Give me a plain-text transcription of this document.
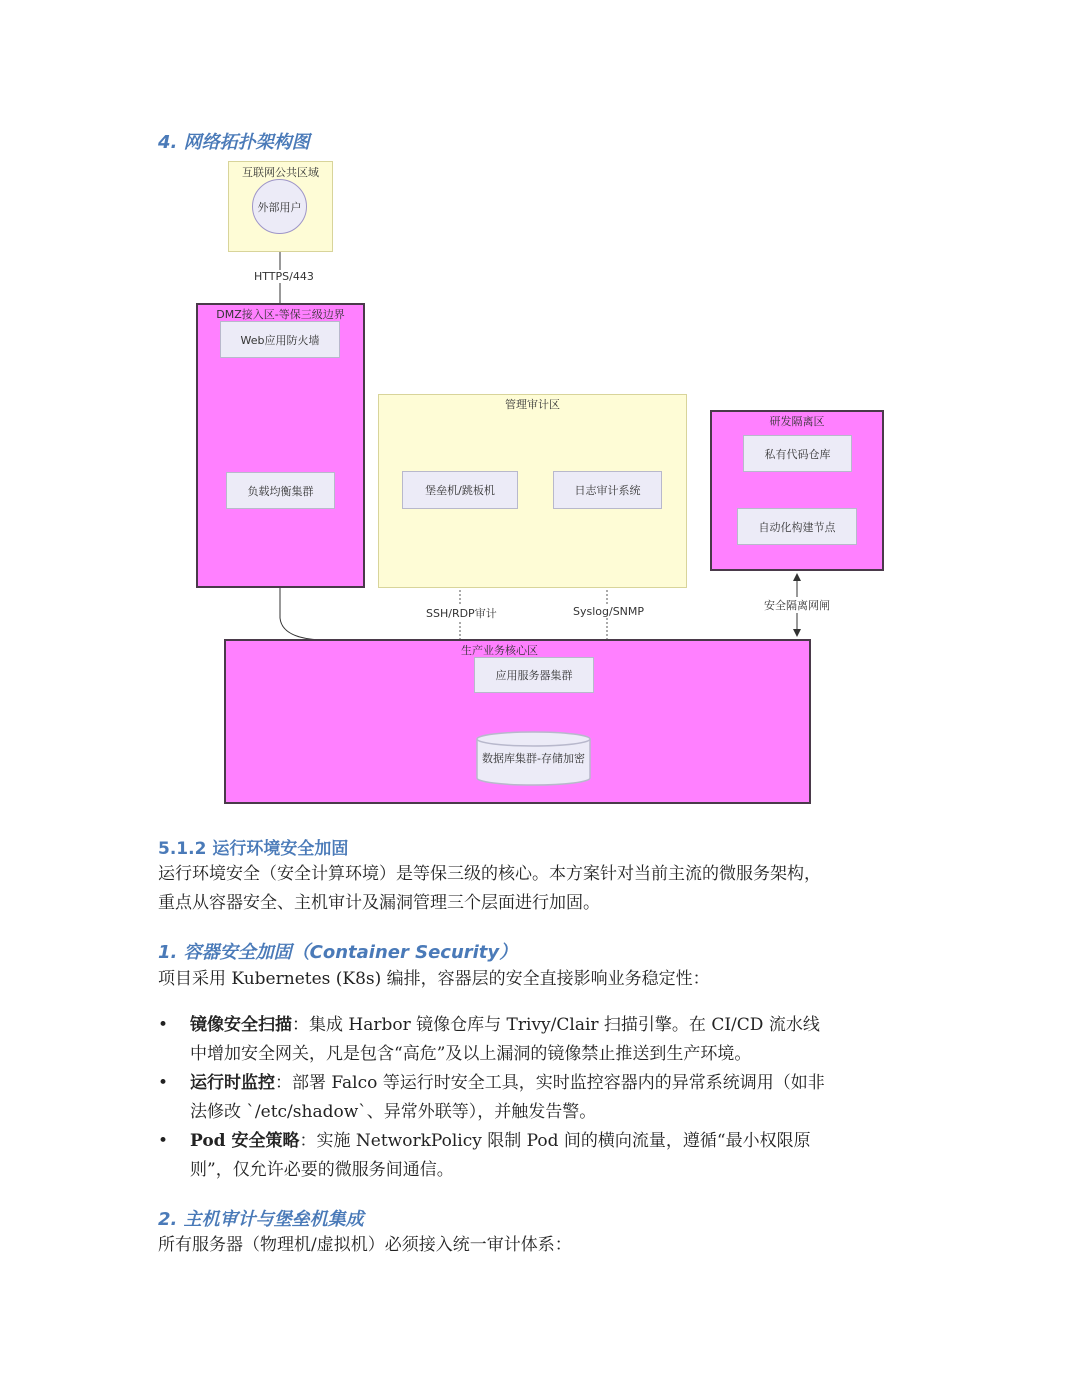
4. 网络拓扑架构图
互联网公共区域
外部用户
HTTPS/443
DMZ接入区-等保三级边界
Web应用防火墙
负载均衡集群
管理审计区
堡垒机/跳板机	日志审计系统
研发隔离区
私有代码仓库
自动化构建节点
SSH/RDP审计	Syslog/SNMP	安全隔离网闸
生产业务核心区
应用服务器集群
数据库集群-存储加密
5.1.2 运行环境安全加固
运行环境安全（安全计算环境）是等保三级的核心。本方案针对当前主流的微服务架构，
重点从容器安全、主机审计及漏洞管理三个层面进行加固。
1. 容器安全加固（Container Security）
项目采用 Kubernetes (K8s) 编排，容器层的安全直接影响业务稳定性：
• 镜像安全扫描：集成 Harbor 镜像仓库与 Trivy/Clair 扫描引擎。在 CI/CD 流水线
中增加安全网关，凡是包含“高危”及以上漏洞的镜像禁止推送到生产环境。
• 运行时监控：部署 Falco 等运行时安全工具，实时监控容器内的异常系统调用（如非
法修改 `/etc/shadow`、异常外联等），并触发告警。
• Pod 安全策略：实施 NetworkPolicy 限制 Pod 间的横向流量，遵循“最小权限原
则”，仅允许必要的微服务间通信。
2. 主机审计与堡垒机集成
所有服务器（物理机/虚拟机）必须接入统一审计体系：
